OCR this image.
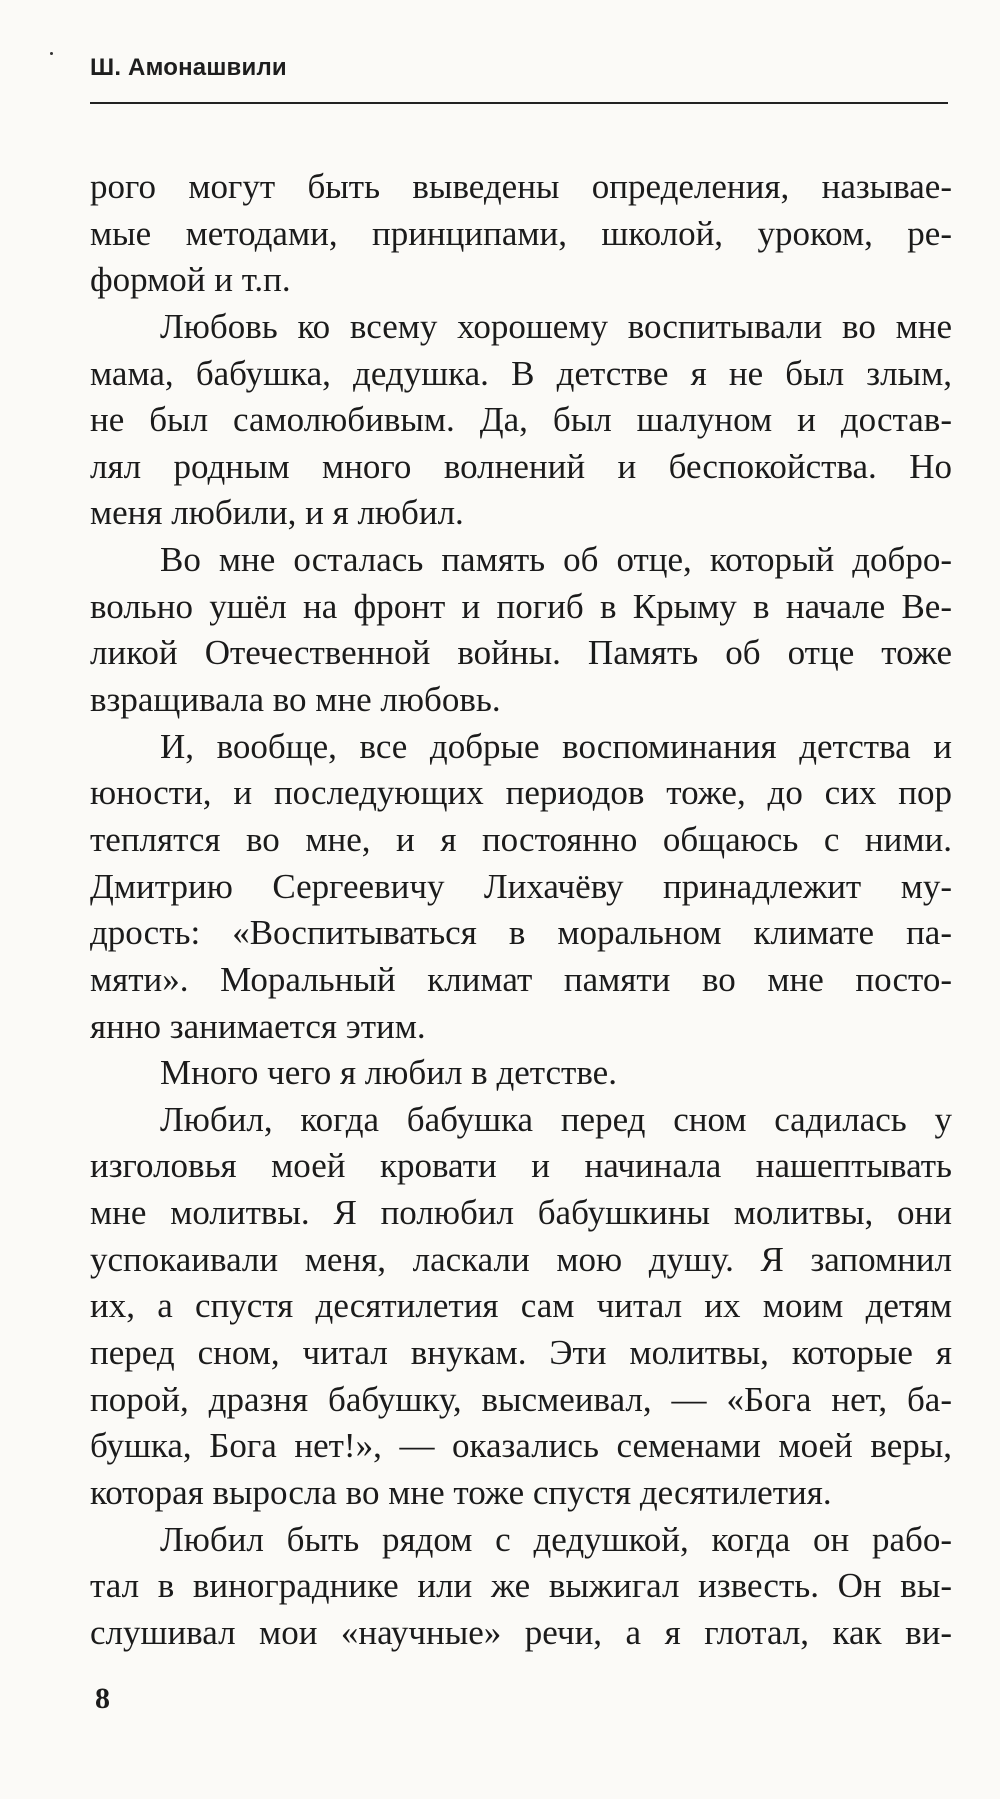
Ш. Амонашвили
рого могут быть выведены определения, называе-
мые методами, принципами, школой, уроком, ре-
формой и т.п.
Любовь ко всему хорошему воспитывали во мне
мама, бабушка, дедушка. В детстве я не был злым,
не был самолюбивым. Да, был шалуном и достав-
лял родным много волнений и беспокойства. Но
меня любили, и я любил.
Во мне осталась память об отце, который добро-
вольно ушёл на фронт и погиб в Крыму в начале Ве-
ликой Отечественной войны. Память об отце тоже
взращивала во мне любовь.
И, вообще, все добрые воспоминания детства и
юности, и последующих периодов тоже, до сих пор
теплятся во мне, и я постоянно общаюсь с ними.
Дмитрию Сергеевичу Лихачёву принадлежит му-
дрость: «Воспитываться в моральном климате па-
мяти». Моральный климат памяти во мне посто-
янно занимается этим.
Много чего я любил в детстве.
Любил, когда бабушка перед сном садилась у
изголовья моей кровати и начинала нашептывать
мне молитвы. Я полюбил бабушкины молитвы, они
успокаивали меня, ласкали мою душу. Я запомнил
их, а спустя десятилетия сам читал их моим детям
перед сном, читал внукам. Эти молитвы, которые я
порой, дразня бабушку, высмеивал, — «Бога нет, ба-
бушка, Бога нет!», — оказались семенами моей веры,
которая выросла во мне тоже спустя десятилетия.
Любил быть рядом с дедушкой, когда он рабо-
тал в винограднике или же выжигал известь. Он вы-
слушивал мои «научные» речи, а я глотал, как ви-
8
